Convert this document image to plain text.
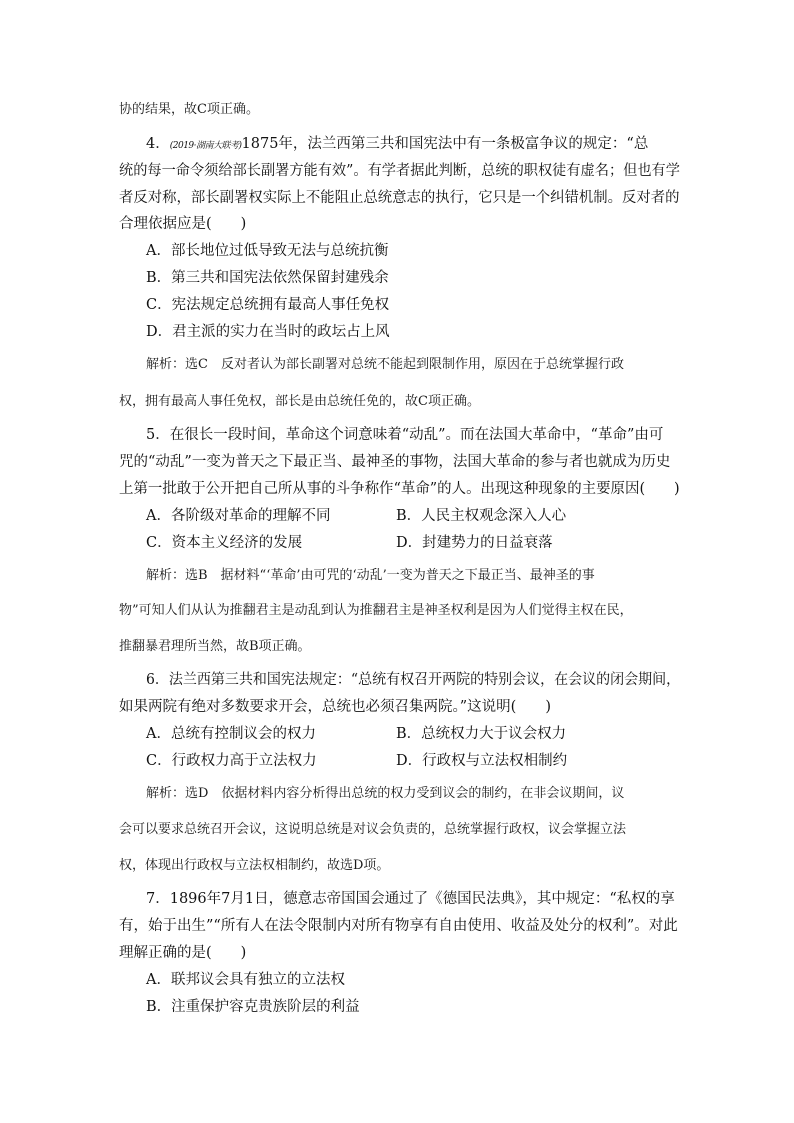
协的结果，故C项正确。
4．(2019·湖南大联考)1875年，法兰西第三共和国宪法中有一条极富争议的规定：“总
统的每一命令须给部长副署方能有效”。有学者据此判断，总统的职权徒有虚名；但也有学
者反对称，部长副署权实际上不能阻止总统意志的执行，它只是一个纠错机制。反对者的
合理依据应是(　　)
A．部长地位过低导致无法与总统抗衡
B．第三共和国宪法依然保留封建残余
C．宪法规定总统拥有最高人事任免权
D．君主派的实力在当时的政坛占上风
解析：选C　反对者认为部长副署对总统不能起到限制作用，原因在于总统掌握行政
权，拥有最高人事任免权，部长是由总统任免的，故C项正确。
5．在很长一段时间，革命这个词意味着“动乱”。而在法国大革命中，“革命”由可
咒的“动乱”一变为普天之下最正当、最神圣的事物，法国大革命的参与者也就成为历史
上第一批敢于公开把自己所从事的斗争称作“革命”的人。出现这种现象的主要原因(　　)
A．各阶级对革命的理解不同	B．人民主权观念深入人心
C．资本主义经济的发展	D．封建势力的日益衰落
解析：选B　据材料“‘革命’由可咒的‘动乱’一变为普天之下最正当、最神圣的事
物”可知人们从认为推翻君主是动乱到认为推翻君主是神圣权利是因为人们觉得主权在民，
推翻暴君理所当然，故B项正确。
6．法兰西第三共和国宪法规定：“总统有权召开两院的特别会议，在会议的闭会期间，
如果两院有绝对多数要求开会，总统也必须召集两院。”这说明(　　)
A．总统有控制议会的权力	B．总统权力大于议会权力
C．行政权力高于立法权力	D．行政权与立法权相制约
解析：选D　依据材料内容分析得出总统的权力受到议会的制约，在非会议期间，议
会可以要求总统召开会议，这说明总统是对议会负责的，总统掌握行政权，议会掌握立法
权，体现出行政权与立法权相制约，故选D项。
7．1896年7月1日，德意志帝国国会通过了《德国民法典》，其中规定：“私权的享
有，始于出生”“所有人在法令限制内对所有物享有自由使用、收益及处分的权利”。对此
理解正确的是(　　)
A．联邦议会具有独立的立法权
B．注重保护容克贵族阶层的利益
